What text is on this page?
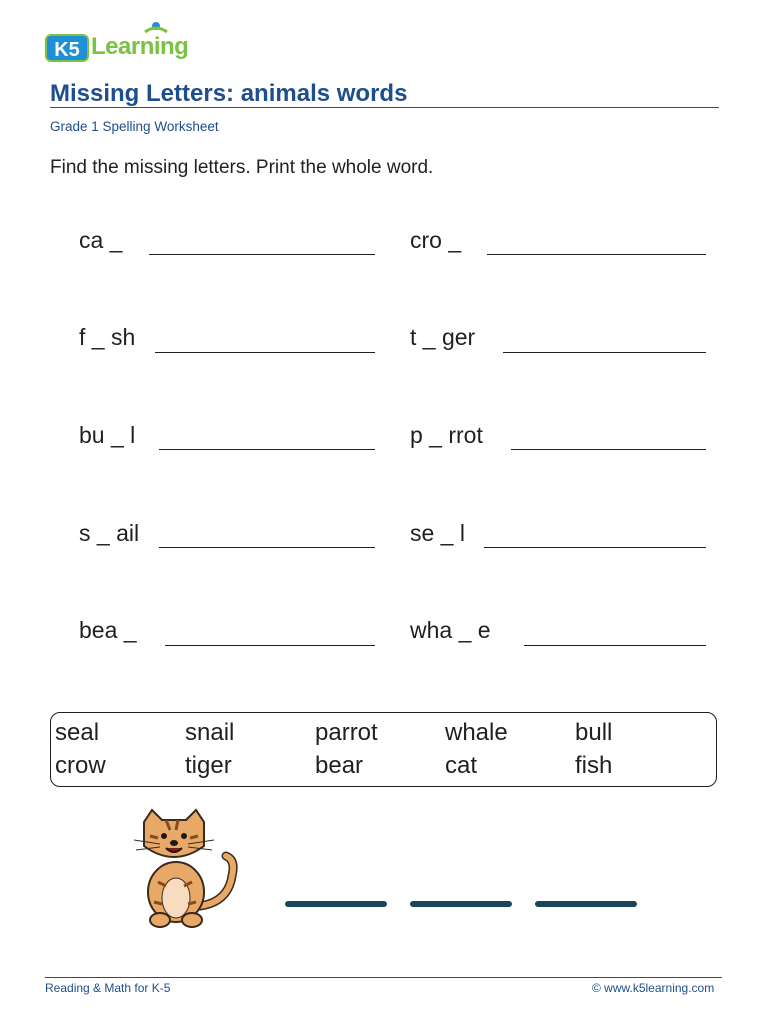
K5 Learning
Missing Letters: animals words
Grade 1 Spelling Worksheet
Find the missing letters. Print the whole word.
ca _
f _ sh
bu _ l
s _ ail
bea _
cro _
t _ ger
p _ rrot
se _ l
wha _ e
seal	snail	parrot	whale	bull
crow	tiger	bear	cat	fish
Reading & Math for K-5	© www.k5learning.com
